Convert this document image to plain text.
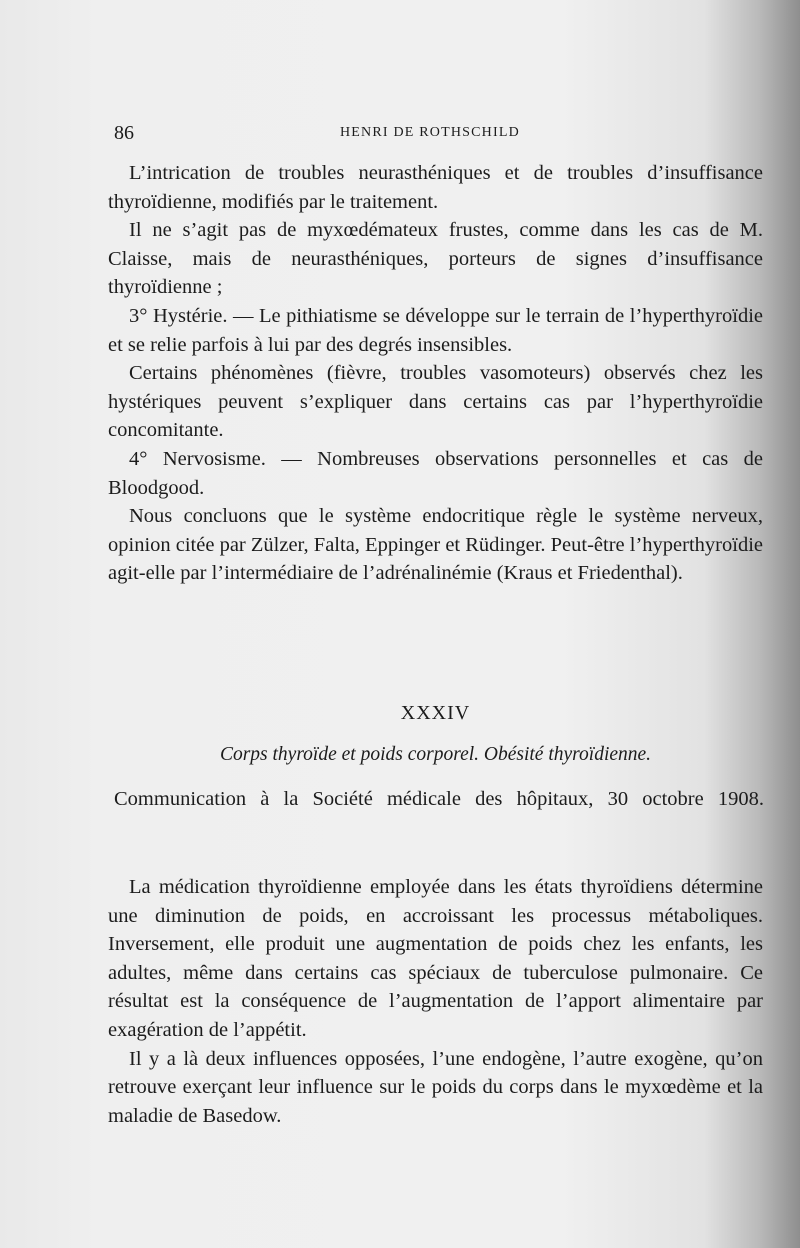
86	HENRI DE ROTHSCHILD

L’intrication de troubles neurasthéniques et de troubles d’insuffisance thyroïdienne, modifiés par le traitement.

Il ne s’agit pas de myxœdémateux frustes, comme dans les cas de M. Claisse, mais de neurasthéniques, porteurs de signes d’insuffisance thyroïdienne ;

3° Hystérie. — Le pithiatisme se développe sur le terrain de l’hyperthyroïdie et se relie parfois à lui par des degrés insensibles.

Certains phénomènes (fièvre, troubles vasomoteurs) observés chez les hystériques peuvent s’expliquer dans certains cas par l’hyperthyroïdie concomitante.

4° Nervosisme. — Nombreuses observations personnelles et cas de Bloodgood.

Nous concluons que le système endocritique règle le système nerveux, opinion citée par Zülzer, Falta, Eppinger et Rüdinger. Peut-être l’hyperthyroïdie agit-elle par l’intermédiaire de l’adrénalinémie (Kraus et Friedenthal).

XXXIV
Corps thyroïde et poids corporel. Obésité thyroïdienne.
Communication à la Société médicale des hôpitaux, 30 octobre 1908.

La médication thyroïdienne employée dans les états thyroïdiens détermine une diminution de poids, en accroissant les processus métaboliques. Inversement, elle produit une augmentation de poids chez les enfants, les adultes, même dans certains cas spéciaux de tuberculose pulmonaire. Ce résultat est la conséquence de l’augmentation de l’apport alimentaire par exagération de l’appétit.

Il y a là deux influences opposées, l’une endogène, l’autre exogène, qu’on retrouve exerçant leur influence sur le poids du corps dans le myxœdème et la maladie de Basedow.
